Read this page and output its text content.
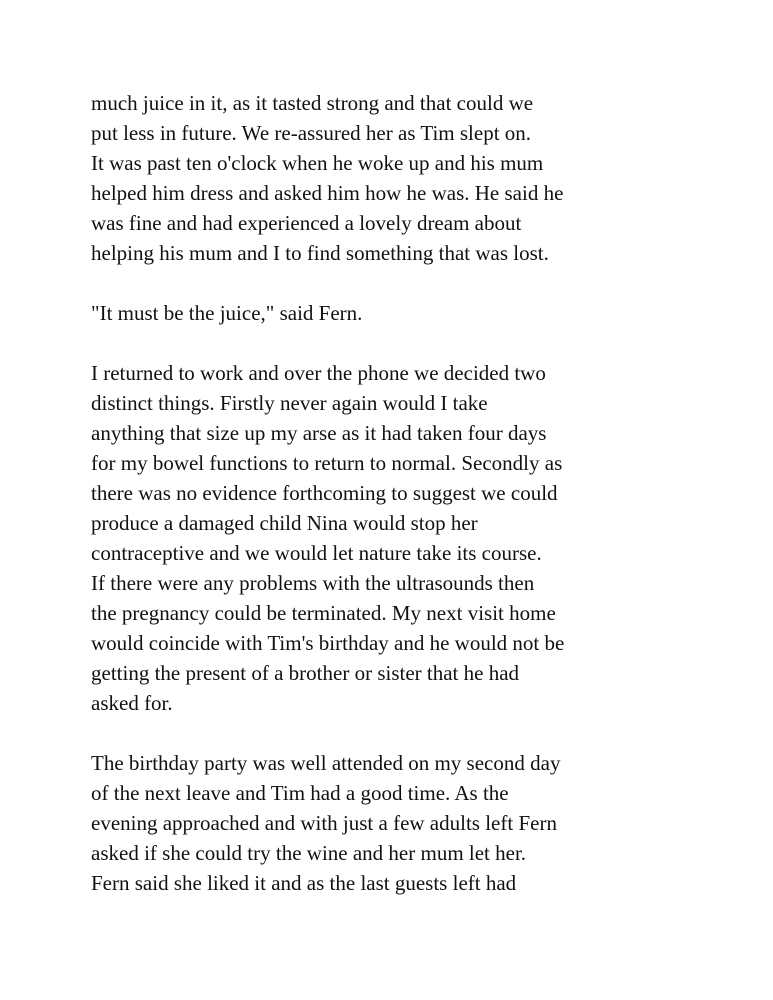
much juice in it, as it tasted strong and that could we
put less in future. We re-assured her as Tim slept on.
It was past ten o'clock when he woke up and his mum
helped him dress and asked him how he was. He said he
was fine and had experienced a lovely dream about
helping his mum and I to find something that was lost.

"It must be the juice," said Fern.

I returned to work and over the phone we decided two
distinct things. Firstly never again would I take
anything that size up my arse as it had taken four days
for my bowel functions to return to normal. Secondly as
there was no evidence forthcoming to suggest we could
produce a damaged child Nina would stop her
contraceptive and we would let nature take its course.
If there were any problems with the ultrasounds then
the pregnancy could be terminated. My next visit home
would coincide with Tim's birthday and he would not be
getting the present of a brother or sister that he had
asked for.

The birthday party was well attended on my second day
of the next leave and Tim had a good time. As the
evening approached and with just a few adults left Fern
asked if she could try the wine and her mum let her.
Fern said she liked it and as the last guests left had
